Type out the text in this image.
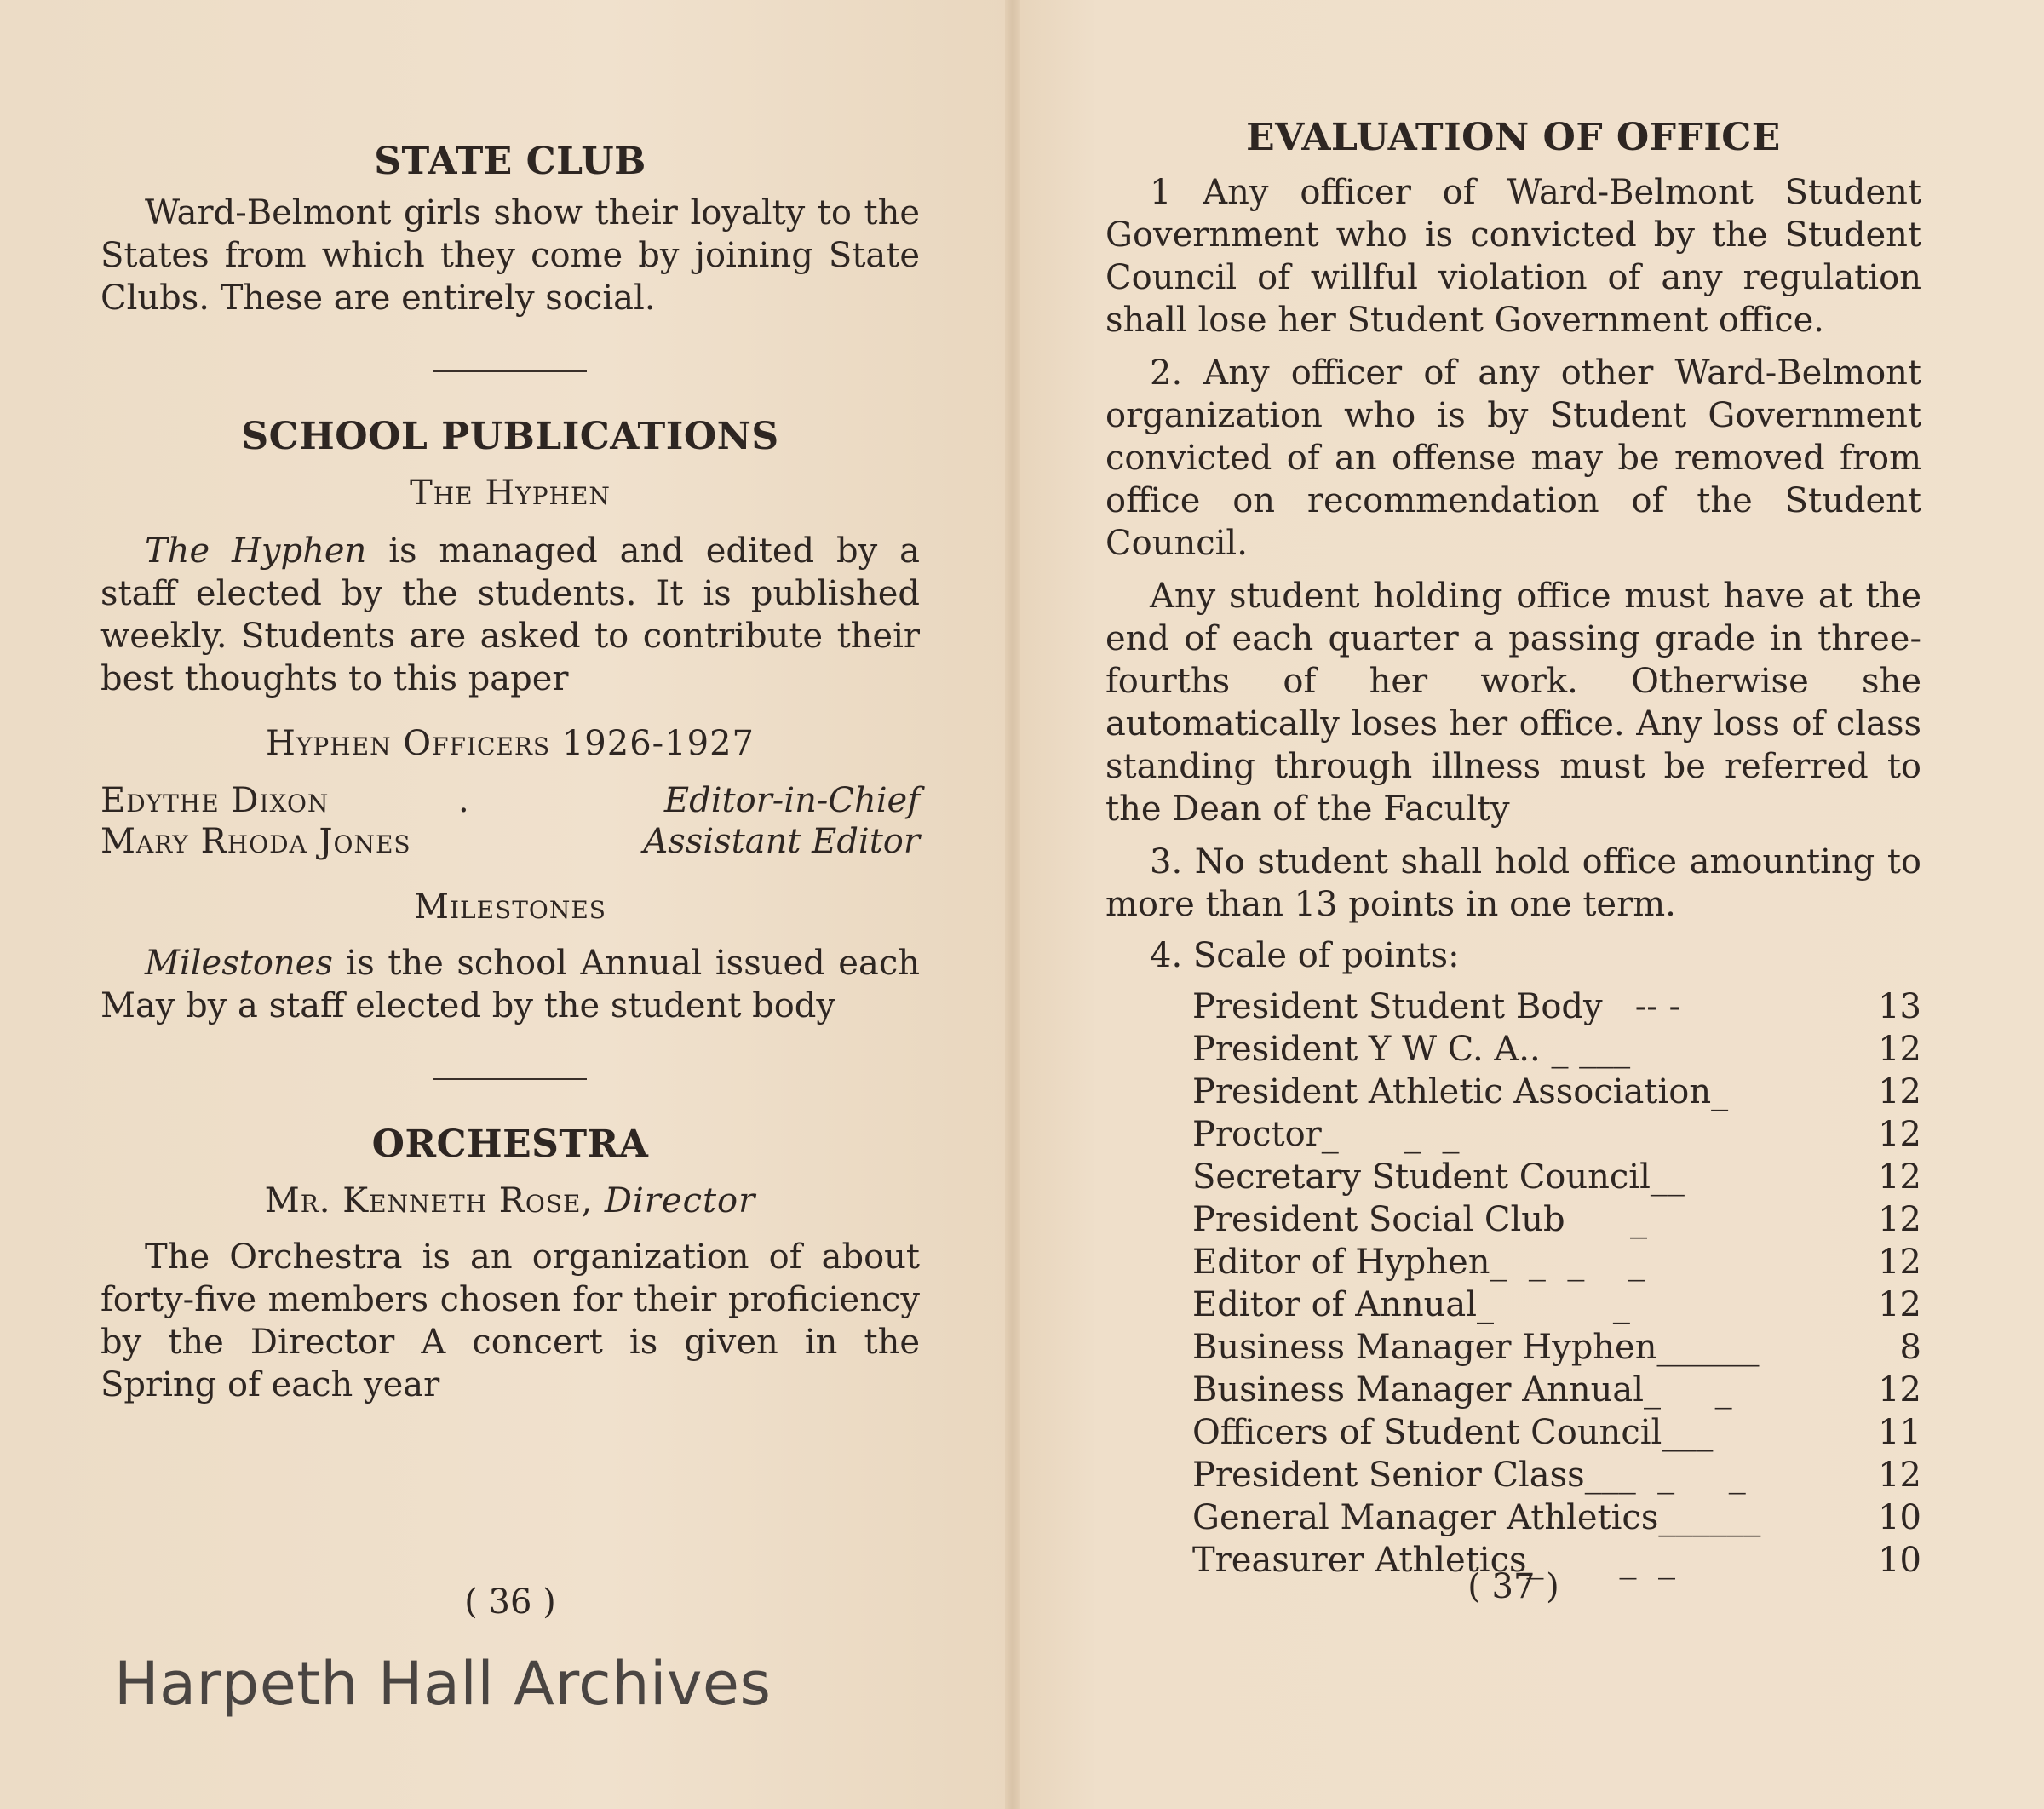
STATE CLUB

Ward-Belmont girls show their loyalty to the States from which they come by joining State Clubs. These are entirely social.

SCHOOL PUBLICATIONS

The Hyphen

The Hyphen is managed and edited by a staff elected by the students. It is published weekly. Students are asked to contribute their best thoughts to this paper

Hyphen Officers 1926-1927

Edythe Dixon	.	Editor-in-Chief
Mary Rhoda Jones	Assistant Editor

Milestones

Milestones is the school Annual issued each May by a staff elected by the student body

ORCHESTRA

Mr. Kenneth Rose, Director

The Orchestra is an organization of about forty-five members chosen for their proficiency by the Director A concert is given in the Spring of each year

( 36 )

EVALUATION OF OFFICE

1 Any officer of Ward-Belmont Student Government who is convicted by the Student Council of willful violation of any regulation shall lose her Student Government office.

2. Any officer of any other Ward-Belmont organization who is by Student Government convicted of an offense may be removed from office on recommendation of the Student Council.

Any student holding office must have at the end of each quarter a passing grade in three-fourths of her work. Otherwise she automatically loses her office. Any loss of class standing through illness must be referred to the Dean of the Faculty

3. No student shall hold office amounting to more than 13 points in one term.

4. Scale of points:

President Student Body   -- -	13
President Y W C. A.. _ ___	12
President Athletic Association_	12
Proctor_      _  _	12
Secretary Student Council__	12
President Social Club      _	12
Editor of Hyphen_  _  _    _	12
Editor of Annual_           _	12
Business Manager Hyphen______	8
Business Manager Annual_     _	12
Officers of Student Council___	11
President Senior Class___  _     _	12
General Manager Athletics______	10
Treasurer Athletics_       _  _	10

( 37 )

Harpeth Hall Archives
